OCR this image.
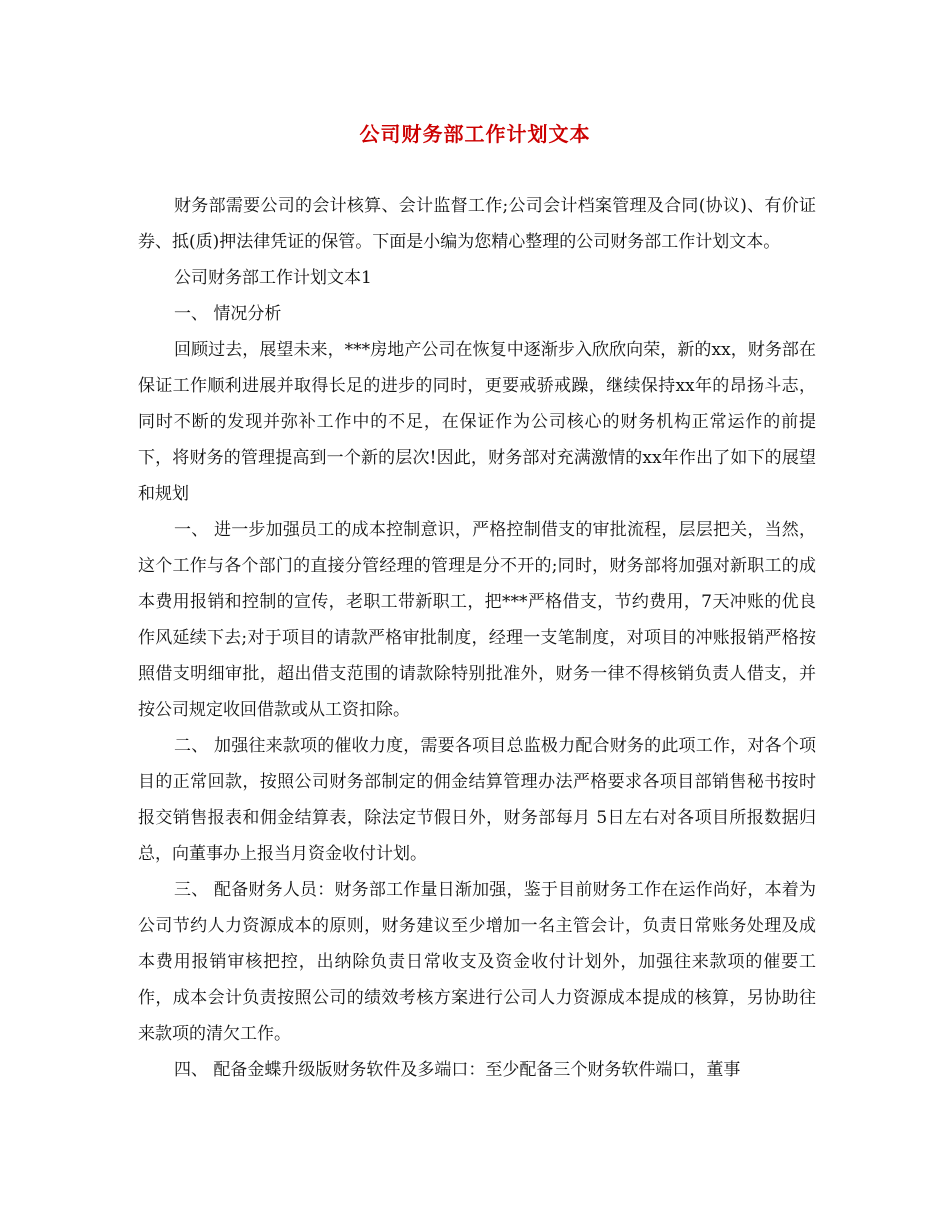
公司财务部工作计划文本

财务部需要公司的会计核算、会计监督工作;公司会计档案管理及合同(协议)、有价证券、抵(质)押法律凭证的保管。下面是小编为您精心整理的公司财务部工作计划文本。

公司财务部工作计划文本1

一、 情况分析

回顾过去，展望未来，***房地产公司在恢复中逐渐步入欣欣向荣，新的xx，财务部在保证工作顺利进展并取得长足的进步的同时，更要戒骄戒躁，继续保持xx年的昂扬斗志，同时不断的发现并弥补工作中的不足，在保证作为公司核心的财务机构正常运作的前提下，将财务的管理提高到一个新的层次!因此，财务部对充满激情的xx年作出了如下的展望和规划

一、 进一步加强员工的成本控制意识，严格控制借支的审批流程，层层把关，当然，这个工作与各个部门的直接分管经理的管理是分不开的;同时，财务部将加强对新职工的成本费用报销和控制的宣传，老职工带新职工，把***严格借支，节约费用，7天冲账的优良作风延续下去;对于项目的请款严格审批制度，经理一支笔制度，对项目的冲账报销严格按照借支明细审批，超出借支范围的请款除特别批准外，财务一律不得核销负责人借支，并按公司规定收回借款或从工资扣除。

二、 加强往来款项的催收力度，需要各项目总监极力配合财务的此项工作，对各个项目的正常回款，按照公司财务部制定的佣金结算管理办法严格要求各项目部销售秘书按时报交销售报表和佣金结算表，除法定节假日外，财务部每月 5日左右对各项目所报数据归总，向董事办上报当月资金收付计划。

三、 配备财务人员：财务部工作量日渐加强，鉴于目前财务工作在运作尚好，本着为公司节约人力资源成本的原则，财务建议至少增加一名主管会计，负责日常账务处理及成本费用报销审核把控，出纳除负责日常收支及资金收付计划外，加强往来款项的催要工作，成本会计负责按照公司的绩效考核方案进行公司人力资源成本提成的核算，另协助往来款项的清欠工作。

四、 配备金蝶升级版财务软件及多端口：至少配备三个财务软件端口，董事
